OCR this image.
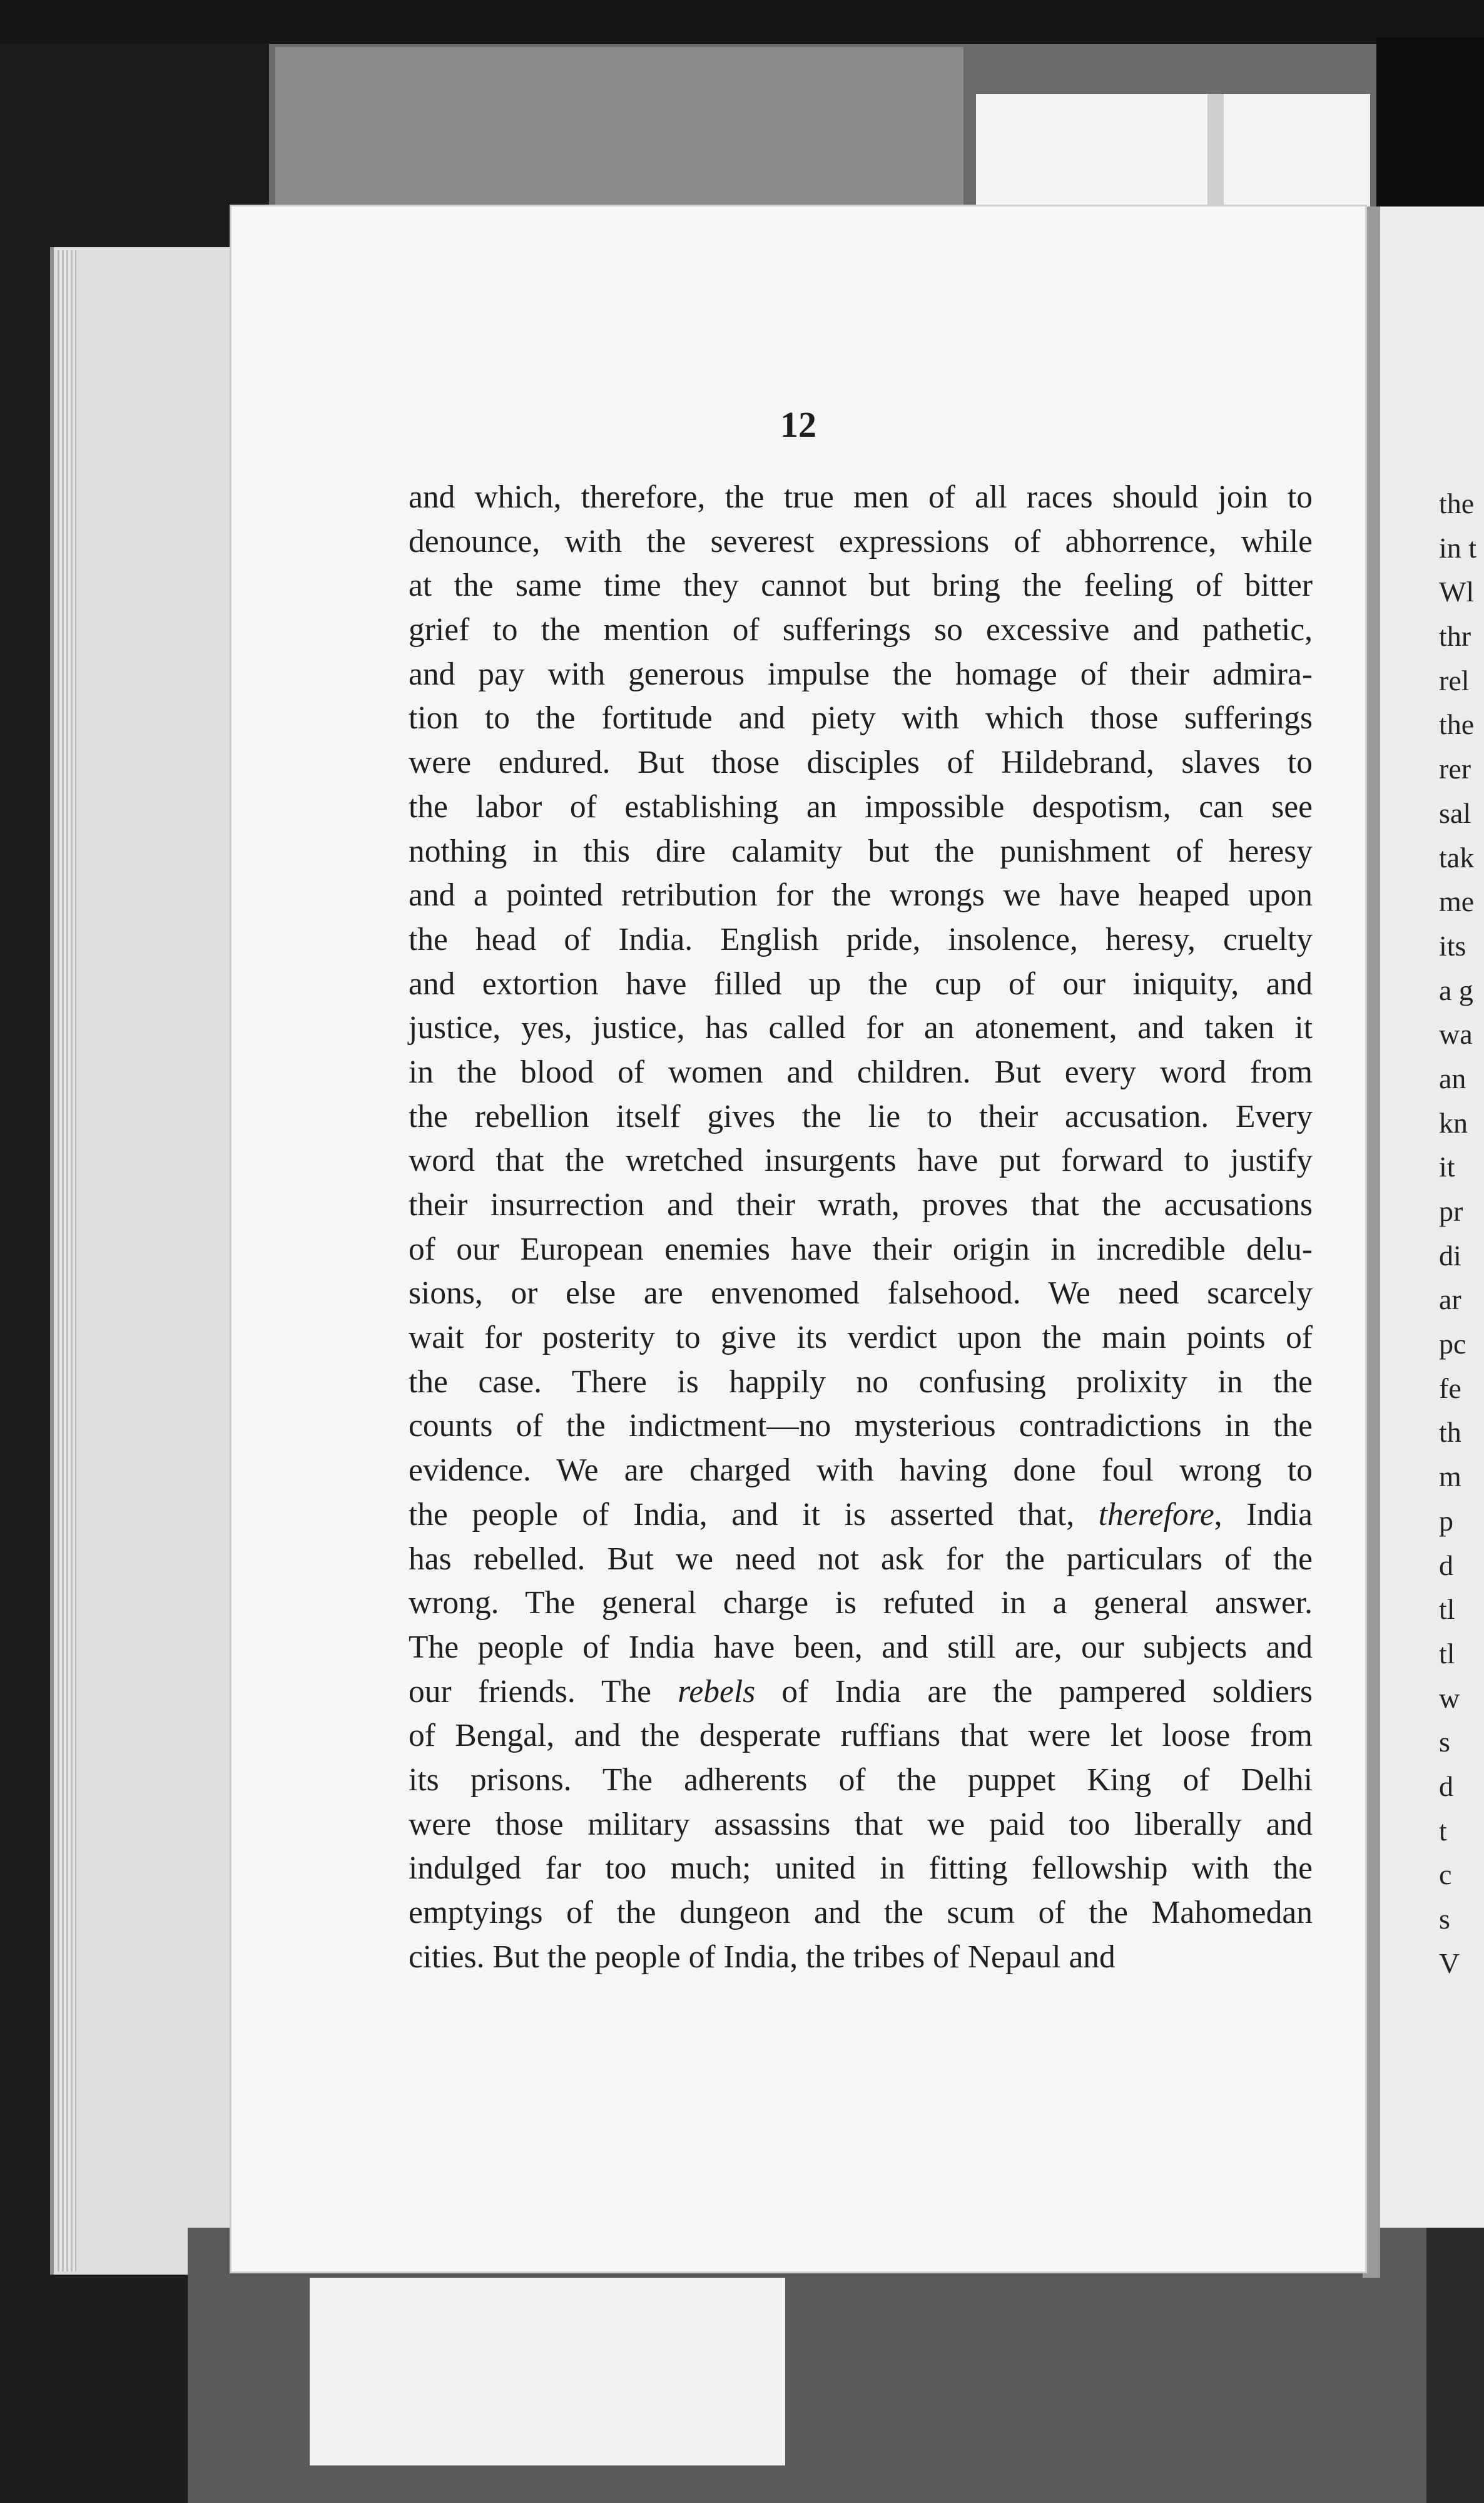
12
and which, therefore, the true men of all races should join to
denounce, with the severest expressions of abhorrence, while
at the same time they cannot but bring the feeling of bitter
grief to the mention of sufferings so excessive and pathetic,
and pay with generous impulse the homage of their admira-
tion to the fortitude and piety with which those sufferings
were endured. But those disciples of Hildebrand, slaves to
the labor of establishing an impossible despotism, can see
nothing in this dire calamity but the punishment of heresy
and a pointed retribution for the wrongs we have heaped upon
the head of India. English pride, insolence, heresy, cruelty
and extortion have filled up the cup of our iniquity, and
justice, yes, justice, has called for an atonement, and taken it
in the blood of women and children. But every word from
the rebellion itself gives the lie to their accusation. Every
word that the wretched insurgents have put forward to justify
their insurrection and their wrath, proves that the accusations
of our European enemies have their origin in incredible delu-
sions, or else are envenomed falsehood. We need scarcely
wait for posterity to give its verdict upon the main points of
the case. There is happily no confusing prolixity in the
counts of the indictment—no mysterious contradictions in the
evidence. We are charged with having done foul wrong to
the people of India, and it is asserted that, therefore, India
has rebelled. But we need not ask for the particulars of the
wrong. The general charge is refuted in a general answer.
The people of India have been, and still are, our subjects and
our friends. The rebels of India are the pampered soldiers
of Bengal, and the desperate ruffians that were let loose from
its prisons. The adherents of the puppet King of Delhi
were those military assassins that we paid too liberally and
indulged far too much; united in fitting fellowship with the
emptyings of the dungeon and the scum of the Mahomedan
cities. But the people of India, the tribes of Nepaul and
the
in t
Wl
thr
rel
the
rer
sal
tak
me
its
a g
wa
an
kn
it
pr
di
ar
pc
fe
th
m
p
d
tl
tl
w
s
d
t
c
s
V
